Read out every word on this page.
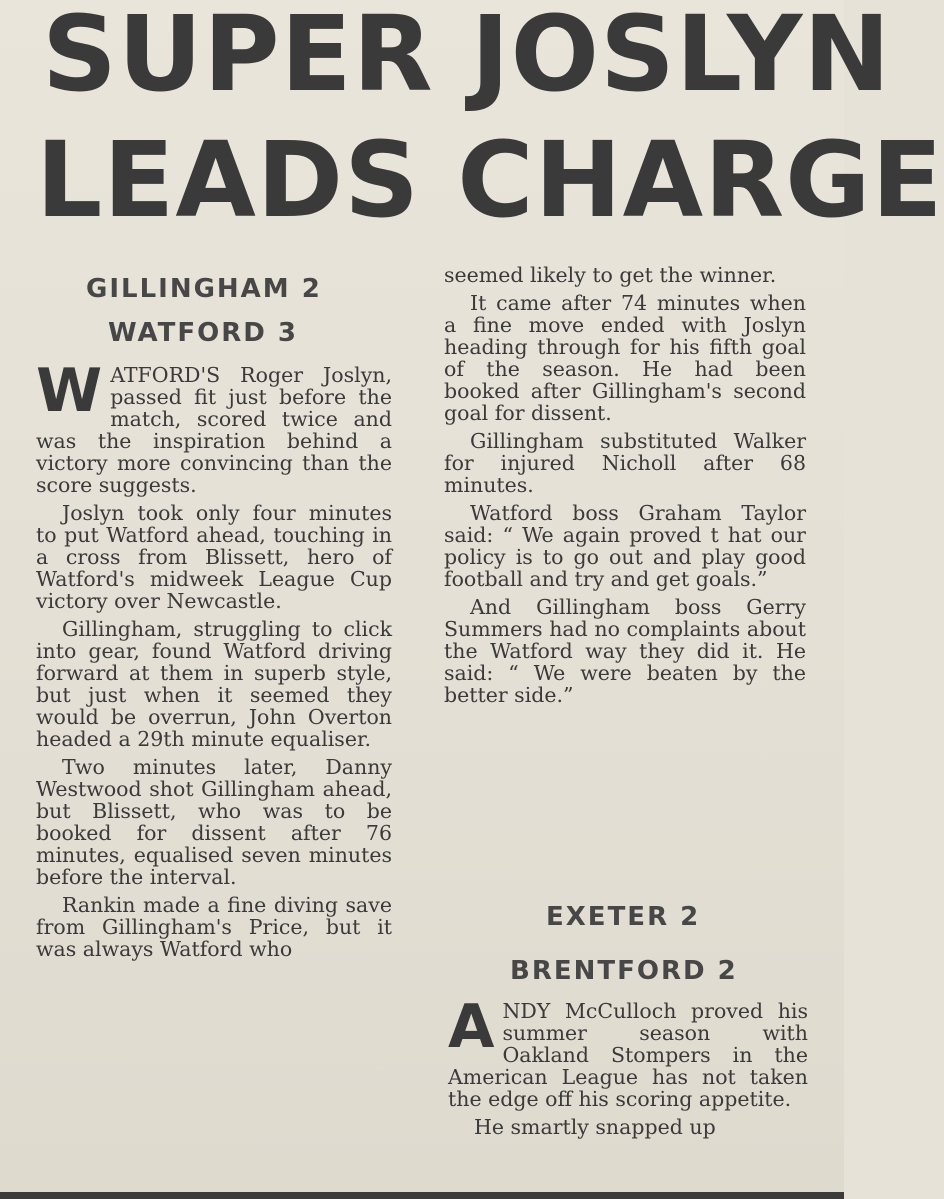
SUPER JOSLYN
LEADS CHARGE
GILLINGHAM 2
WATFORD 3

WATFORD'S Roger Joslyn, passed fit just before the match, scored twice and was the inspiration behind a victory more convincing than the score suggests.

Joslyn took only four minutes to put Watford ahead, touching in a cross from Blissett, hero of Watford's midweek League Cup victory over Newcastle.

Gillingham, struggling to click into gear, found Watford driving forward at them in superb style, but just when it seemed they would be overrun, John Overton headed a 29th minute equaliser.

Two minutes later, Danny Westwood shot Gillingham ahead, but Blissett, who was to be booked for dissent after 76 minutes, equalised seven minutes before the interval.

Rankin made a fine diving save from Gillingham's Price, but it was always Watford who

seemed likely to get the winner.

It came after 74 minutes when a fine move ended with Joslyn heading through for his fifth goal of the season. He had been booked after Gillingham's second goal for dissent.

Gillingham substituted Walker for injured Nicholl after 68 minutes.

Watford boss Graham Taylor said: “ We again proved t hat our policy is to go out and play good football and try and get goals.”

And Gillingham boss Gerry Summers had no complaints about the Watford way they did it. He said: “ We were beaten by the better side.”

EXETER 2
BRENTFORD 2

ANDY McCulloch proved his summer season with Oakland Stompers in the American League has not taken the edge off his scoring appetite.

He smartly snapped up
